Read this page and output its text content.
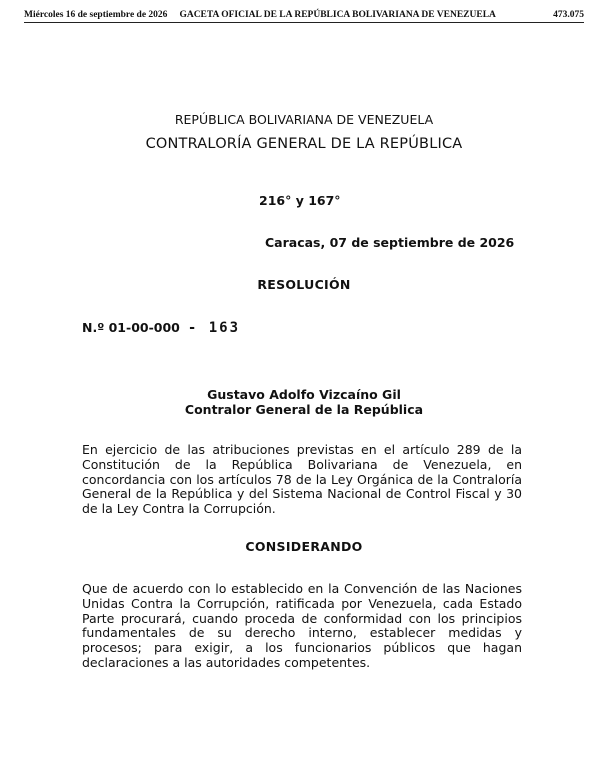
Miércoles 16 de septiembre de 2026	GACETA OFICIAL DE LA REPÚBLICA BOLIVARIANA DE VENEZUELA	473.075
REPÚBLICA BOLIVARIANA DE VENEZUELA
CONTRALORÍA GENERAL DE LA REPÚBLICA
216° y 167°
Caracas, 07 de septiembre de 2026
RESOLUCIÓN
N.º 01-00-000 - 163
Gustavo Adolfo Vizcaíno Gil
Contralor General de la República

En ejercicio de las atribuciones previstas en el artículo 289 de la Constitución de la República Bolivariana de Venezuela, en concordancia con los artículos 78 de la Ley Orgánica de la Contraloría General de la República y del Sistema Nacional de Control Fiscal y 30 de la Ley Contra la Corrupción.

CONSIDERANDO

Que de acuerdo con lo establecido en la Convención de las Naciones Unidas Contra la Corrupción, ratificada por Venezuela, cada Estado Parte procurará, cuando proceda de conformidad con los principios fundamentales de su derecho interno, establecer medidas y procesos; para exigir, a los funcionarios públicos que hagan declaraciones a las autoridades competentes.
